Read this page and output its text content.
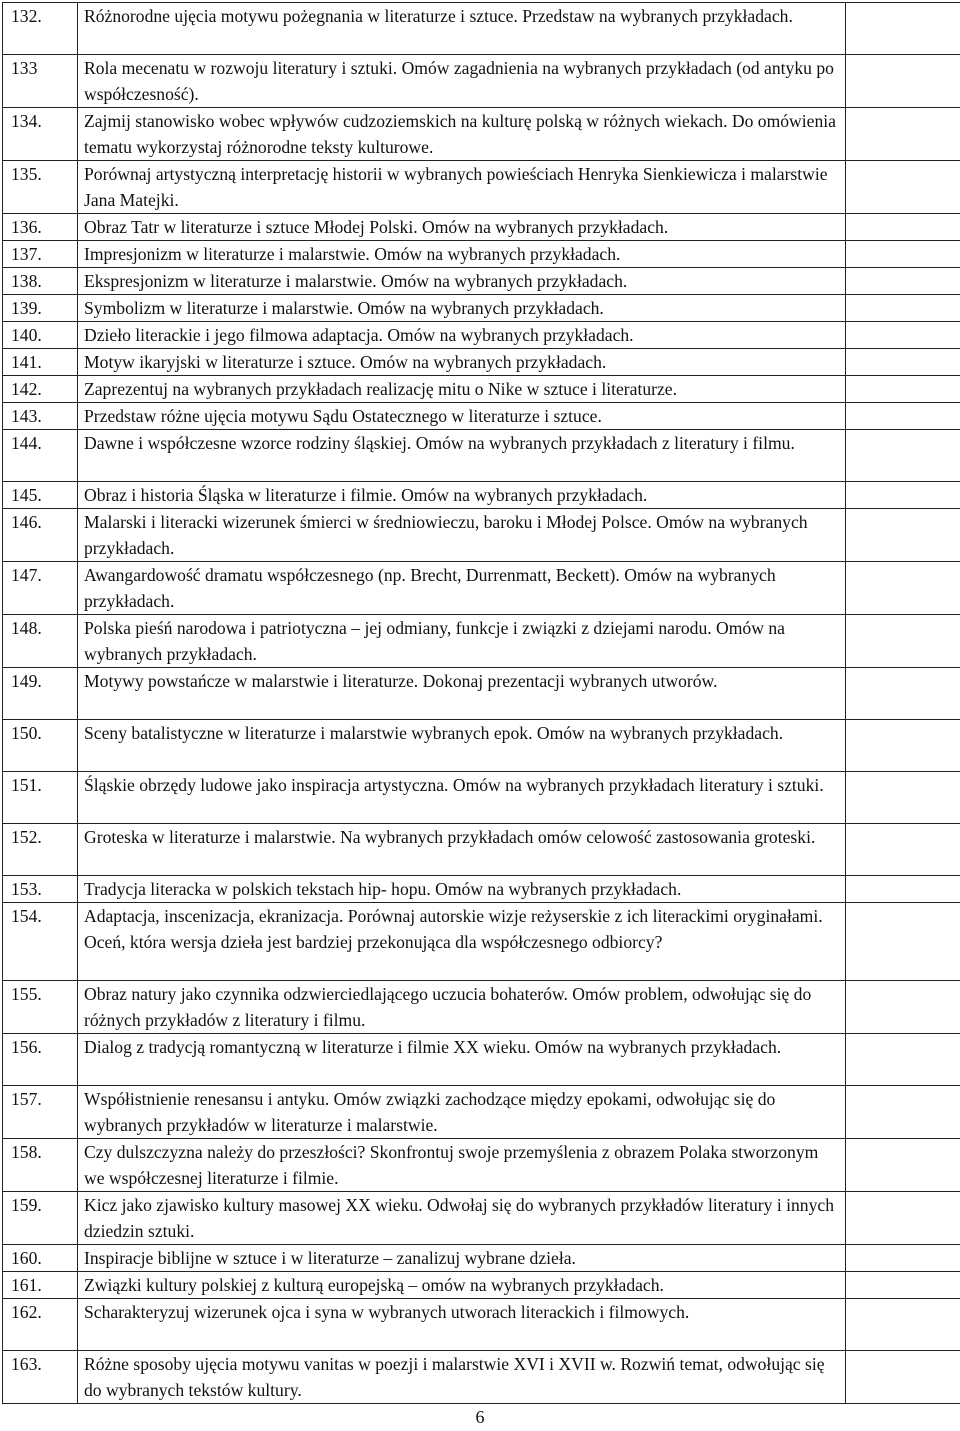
132.	Różnorodne ujęcia motywu pożegnania w literaturze i sztuce. Przedstaw na wybranych przykładach.	
133	Rola mecenatu w rozwoju literatury i sztuki. Omów zagadnienia na wybranych przykładach (od antyku po współczesność).	
134.	Zajmij stanowisko wobec wpływów cudzoziemskich na kulturę polską w różnych wiekach. Do omówienia tematu wykorzystaj różnorodne teksty kulturowe.	
135.	Porównaj artystyczną interpretację historii w wybranych powieściach Henryka Sienkiewicza i malarstwie Jana Matejki.	
136.	Obraz Tatr w literaturze i sztuce Młodej Polski. Omów na wybranych przykładach.	
137.	Impresjonizm w literaturze i malarstwie. Omów na wybranych przykładach.	
138.	Ekspresjonizm w literaturze i malarstwie. Omów na wybranych przykładach.	
139.	Symbolizm w literaturze i malarstwie. Omów na wybranych przykładach.	
140.	Dzieło literackie i jego filmowa adaptacja. Omów na wybranych przykładach.	
141.	Motyw ikaryjski w literaturze i sztuce. Omów na wybranych przykładach.	
142.	Zaprezentuj na wybranych przykładach realizację mitu o Nike w sztuce i literaturze.	
143.	Przedstaw różne ujęcia motywu Sądu Ostatecznego w literaturze i sztuce.	
144.	Dawne i współczesne wzorce rodziny śląskiej. Omów na wybranych przykładach z literatury i filmu.	
145.	Obraz i historia Śląska w literaturze i filmie. Omów na wybranych przykładach.	
146.	Malarski i literacki wizerunek śmierci w średniowieczu, baroku i Młodej Polsce. Omów na wybranych przykładach.	
147.	Awangardowość dramatu współczesnego (np. Brecht, Durrenmatt, Beckett). Omów na wybranych przykładach.	
148.	Polska pieśń narodowa i patriotyczna – jej odmiany, funkcje i związki z dziejami narodu. Omów na wybranych przykładach.	
149.	Motywy powstańcze w malarstwie i literaturze. Dokonaj prezentacji wybranych utworów.	
150.	Sceny batalistyczne w literaturze i malarstwie wybranych epok. Omów na wybranych przykładach.	
151.	Śląskie obrzędy ludowe jako inspiracja artystyczna. Omów na wybranych przykładach literatury i sztuki.	
152.	Groteska w literaturze i malarstwie. Na wybranych przykładach omów celowość zastosowania groteski.	
153.	Tradycja literacka w polskich tekstach hip- hopu. Omów na wybranych przykładach.	
154.	Adaptacja, inscenizacja, ekranizacja. Porównaj autorskie wizje reżyserskie z ich literackimi oryginałami. Oceń, która wersja dzieła jest bardziej przekonująca dla współczesnego odbiorcy?	
155.	Obraz natury jako czynnika odzwierciedlającego uczucia bohaterów. Omów problem, odwołując się do różnych przykładów z literatury i filmu.	
156.	Dialog z tradycją romantyczną w literaturze i filmie XX wieku. Omów na wybranych przykładach.	
157.	Współistnienie renesansu i antyku. Omów związki zachodzące między epokami, odwołując się do wybranych przykładów w literaturze i malarstwie.	
158.	Czy dulszczyzna należy do przeszłości? Skonfrontuj swoje przemyślenia z obrazem Polaka stworzonym we współczesnej literaturze i filmie.	
159.	Kicz jako zjawisko kultury masowej XX wieku. Odwołaj się do wybranych przykładów literatury i innych dziedzin sztuki.	
160.	Inspiracje biblijne w sztuce i w literaturze – zanalizuj wybrane dzieła.	
161.	Związki kultury polskiej z kulturą europejską – omów na wybranych przykładach.	
162.	Scharakteryzuj wizerunek ojca i syna w wybranych utworach literackich i filmowych.	
163.	Różne sposoby ujęcia motywu vanitas w poezji i malarstwie XVI i XVII w. Rozwiń temat, odwołując się do wybranych tekstów kultury.	
6
